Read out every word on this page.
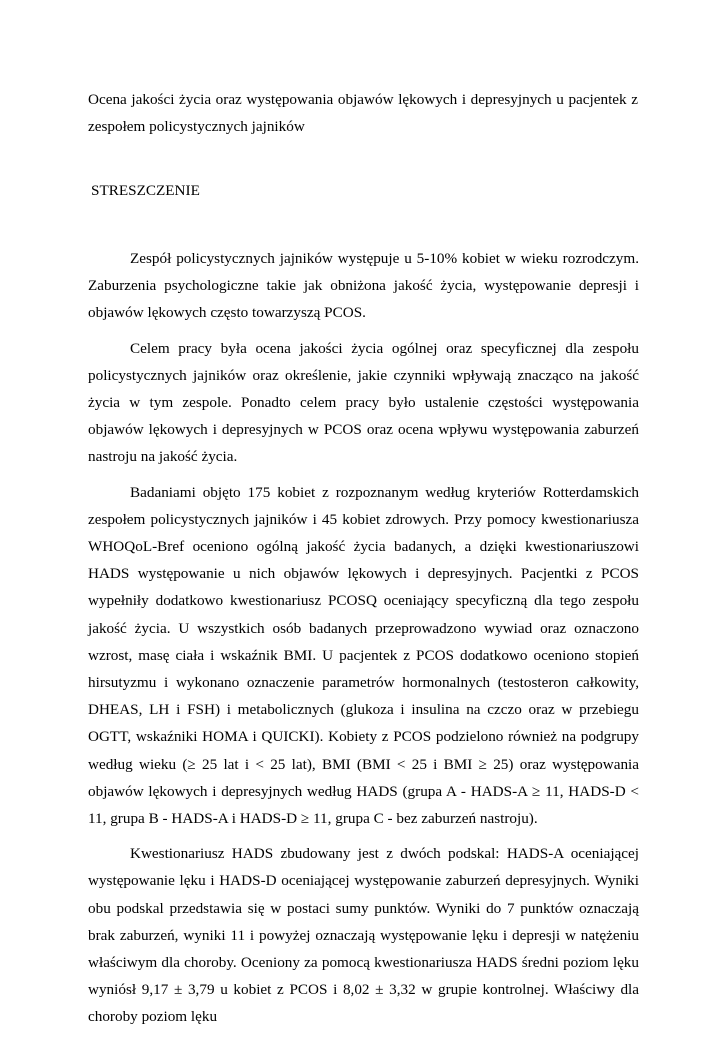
Ocena jakości życia oraz występowania objawów lękowych i depresyjnych u pacjentek z zespołem policystycznych jajników

STRESZCZENIE

Zespół policystycznych jajników występuje u 5-10% kobiet w wieku rozrodczym. Zaburzenia psychologiczne takie jak obniżona jakość życia, występowanie depresji i objawów lękowych często towarzyszą PCOS.

Celem pracy była ocena jakości życia ogólnej oraz specyficznej dla zespołu policystycznych jajników oraz określenie, jakie czynniki wpływają znacząco na jakość życia w tym zespole. Ponadto celem pracy było ustalenie częstości występowania objawów lękowych i depresyjnych w PCOS oraz ocena wpływu występowania zaburzeń nastroju na jakość życia.

Badaniami objęto 175 kobiet z rozpoznanym według kryteriów Rotterdamskich zespołem policystycznych jajników i 45 kobiet zdrowych. Przy pomocy kwestionariusza WHOQoL-Bref oceniono ogólną jakość życia badanych, a dzięki kwestionariuszowi HADS występowanie u nich objawów lękowych i depresyjnych. Pacjentki z PCOS wypełniły dodatkowo kwestionariusz PCOSQ oceniający specyficzną dla tego zespołu jakość życia. U wszystkich osób badanych przeprowadzono wywiad oraz oznaczono wzrost, masę ciała i wskaźnik BMI. U pacjentek z PCOS dodatkowo oceniono stopień hirsutyzmu i wykonano oznaczenie parametrów hormonalnych (testosteron całkowity, DHEAS, LH i FSH) i metabolicznych (glukoza i insulina na czczo oraz w przebiegu OGTT, wskaźniki HOMA i QUICKI). Kobiety z PCOS podzielono również na podgrupy według wieku (≥ 25 lat i < 25 lat), BMI (BMI < 25 i BMI ≥ 25) oraz występowania objawów lękowych i depresyjnych według HADS (grupa A - HADS-A ≥ 11, HADS-D < 11, grupa B - HADS-A i HADS-D ≥ 11, grupa C - bez zaburzeń nastroju).

Kwestionariusz HADS zbudowany jest z dwóch podskal: HADS-A oceniającej występowanie lęku i HADS-D oceniającej występowanie zaburzeń depresyjnych. Wyniki obu podskal przedstawia się w postaci sumy punktów. Wyniki do 7 punktów oznaczają brak zaburzeń, wyniki 11 i powyżej oznaczają występowanie lęku i depresji w natężeniu właściwym dla choroby. Oceniony za pomocą kwestionariusza HADS średni poziom lęku wyniósł 9,17 ± 3,79 u kobiet z PCOS i 8,02 ± 3,32 w grupie kontrolnej. Właściwy dla choroby poziom lęku
